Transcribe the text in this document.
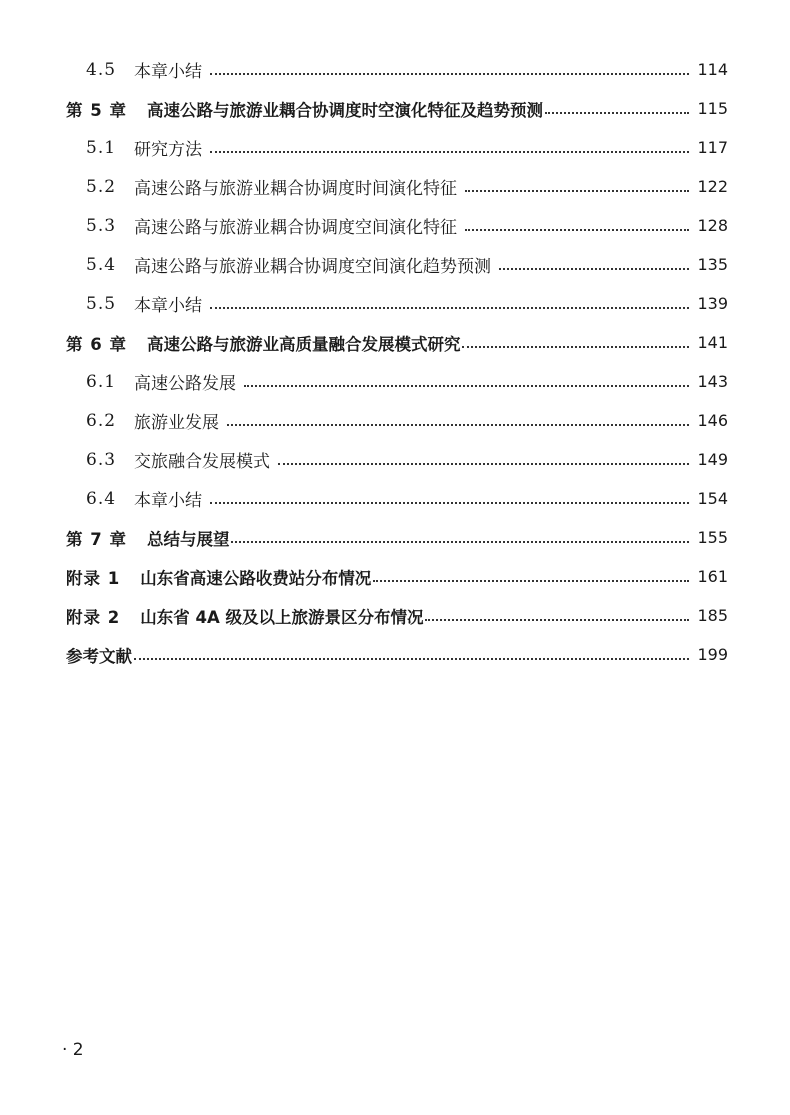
4.5	本章小结	114
第 5 章 高速公路与旅游业耦合协调度时空演化特征及趋势预测	115
5.1	研究方法	117
5.2	高速公路与旅游业耦合协调度时间演化特征	122
5.3	高速公路与旅游业耦合协调度空间演化特征	128
5.4	高速公路与旅游业耦合协调度空间演化趋势预测	135
5.5	本章小结	139
第 6 章 高速公路与旅游业高质量融合发展模式研究	141
6.1	高速公路发展	143
6.2	旅游业发展	146
6.3	交旅融合发展模式	149
6.4	本章小结	154
第 7 章 总结与展望	155
附录 1 山东省高速公路收费站分布情况	161
附录 2 山东省 4A 级及以上旅游景区分布情况	185
参考文献	199
· 2
